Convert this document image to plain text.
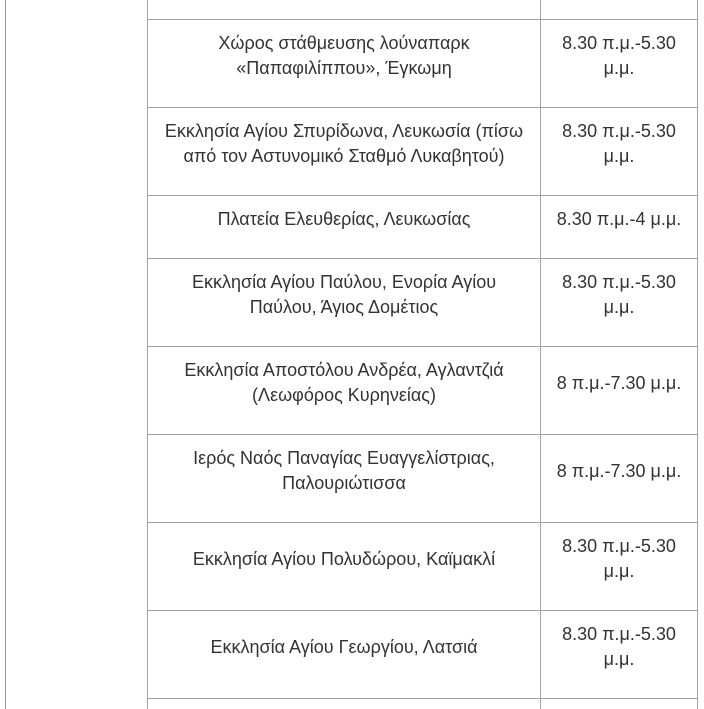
Χώρος στάθμευσης λούναπαρκ «Παπαφιλίππου», Έγκωμη	8.30 π.μ.-5.30 μ.μ.
Εκκλησία Αγίου Σπυρίδωνα, Λευκωσία (πίσω από τον Αστυνομικό Σταθμό Λυκαβητού)	8.30 π.μ.-5.30 μ.μ.
Πλατεία Ελευθερίας, Λευκωσίας	8.30 π.μ.-4 μ.μ.
Εκκλησία Αγίου Παύλου, Ενορία Αγίου Παύλου, Άγιος Δομέτιος	8.30 π.μ.-5.30 μ.μ.
Εκκλησία Αποστόλου Ανδρέα, Αγλαντζιά (Λεωφόρος Κυρηνείας)	8 π.μ.-7.30 μ.μ.
Ιερός Ναός Παναγίας Ευαγγελίστριας, Παλουριώτισσα	8 π.μ.-7.30 μ.μ.
Εκκλησία Αγίου Πολυδώρου, Καϊμακλί	8.30 π.μ.-5.30 μ.μ.
Εκκλησία Αγίου Γεωργίου, Λατσιά	8.30 π.μ.-5.30 μ.μ.
